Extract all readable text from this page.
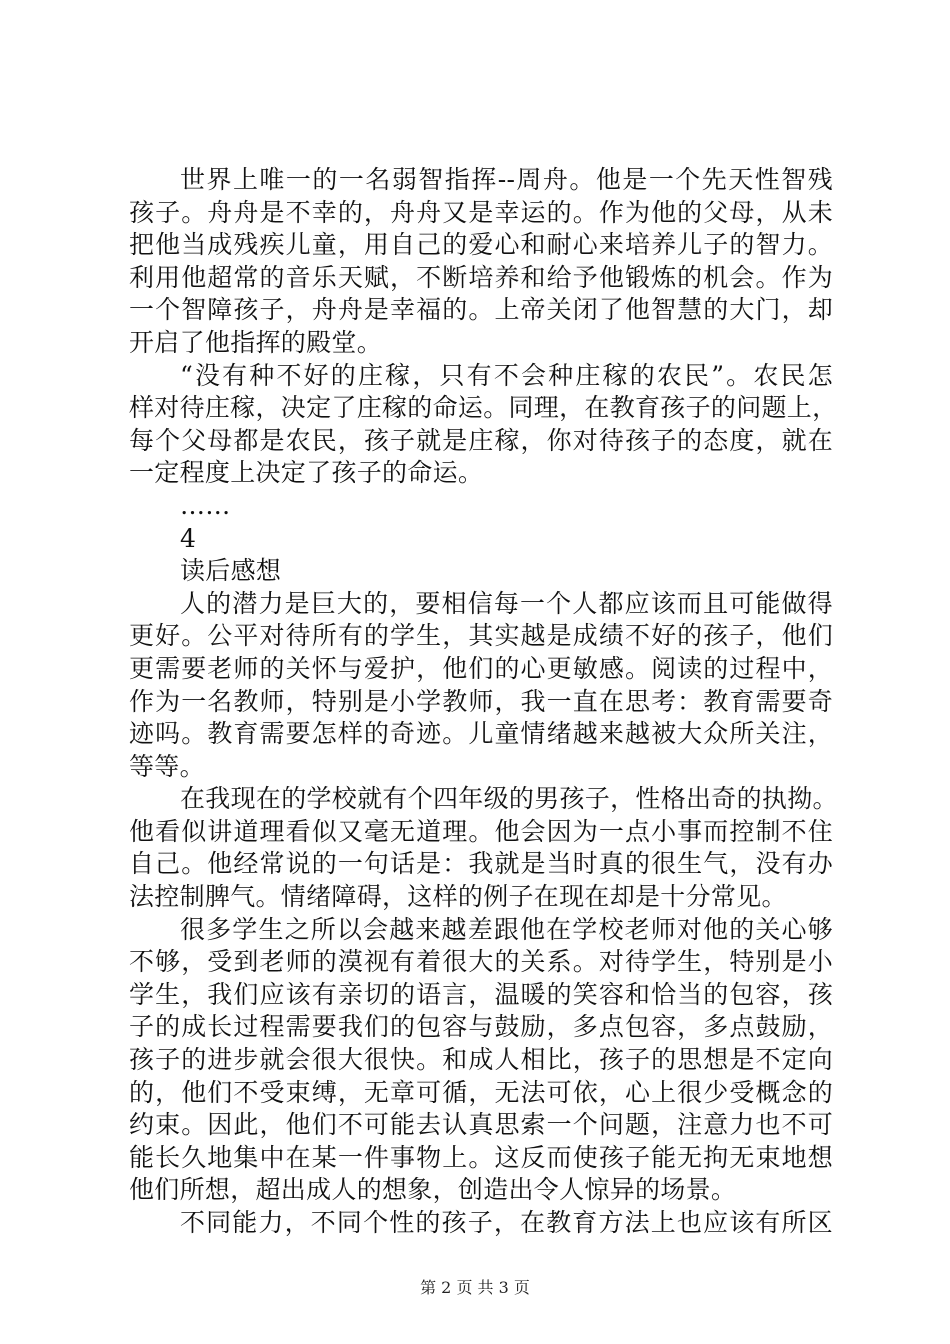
世界上唯一的一名弱智指挥--周舟。他是一个先天性智残
孩子。舟舟是不幸的，舟舟又是幸运的。作为他的父母，从未
把他当成残疾儿童，用自己的爱心和耐心来培养儿子的智力。
利用他超常的音乐天赋，不断培养和给予他锻炼的机会。作为
一个智障孩子，舟舟是幸福的。上帝关闭了他智慧的大门，却
开启了他指挥的殿堂。
“没有种不好的庄稼，只有不会种庄稼的农民”。农民怎
样对待庄稼，决定了庄稼的命运。同理，在教育孩子的问题上，
每个父母都是农民，孩子就是庄稼，你对待孩子的态度，就在
一定程度上决定了孩子的命运。
……
4
读后感想
人的潜力是巨大的，要相信每一个人都应该而且可能做得
更好。公平对待所有的学生，其实越是成绩不好的孩子，他们
更需要老师的关怀与爱护，他们的心更敏感。阅读的过程中，
作为一名教师，特别是小学教师，我一直在思考：教育需要奇
迹吗。教育需要怎样的奇迹。儿童情绪越来越被大众所关注，
等等。
在我现在的学校就有个四年级的男孩子，性格出奇的执拗。
他看似讲道理看似又毫无道理。他会因为一点小事而控制不住
自己。他经常说的一句话是：我就是当时真的很生气，没有办
法控制脾气。情绪障碍，这样的例子在现在却是十分常见。
很多学生之所以会越来越差跟他在学校老师对他的关心够
不够，受到老师的漠视有着很大的关系。对待学生，特别是小
学生，我们应该有亲切的语言，温暖的笑容和恰当的包容，孩
子的成长过程需要我们的包容与鼓励，多点包容，多点鼓励，
孩子的进步就会很大很快。和成人相比，孩子的思想是不定向
的，他们不受束缚，无章可循，无法可依，心上很少受概念的
约束。因此，他们不可能去认真思索一个问题，注意力也不可
能长久地集中在某一件事物上。这反而使孩子能无拘无束地想
他们所想，超出成人的想象，创造出令人惊异的场景。
不同能力，不同个性的孩子，在教育方法上也应该有所区
第 2 页 共 3 页
